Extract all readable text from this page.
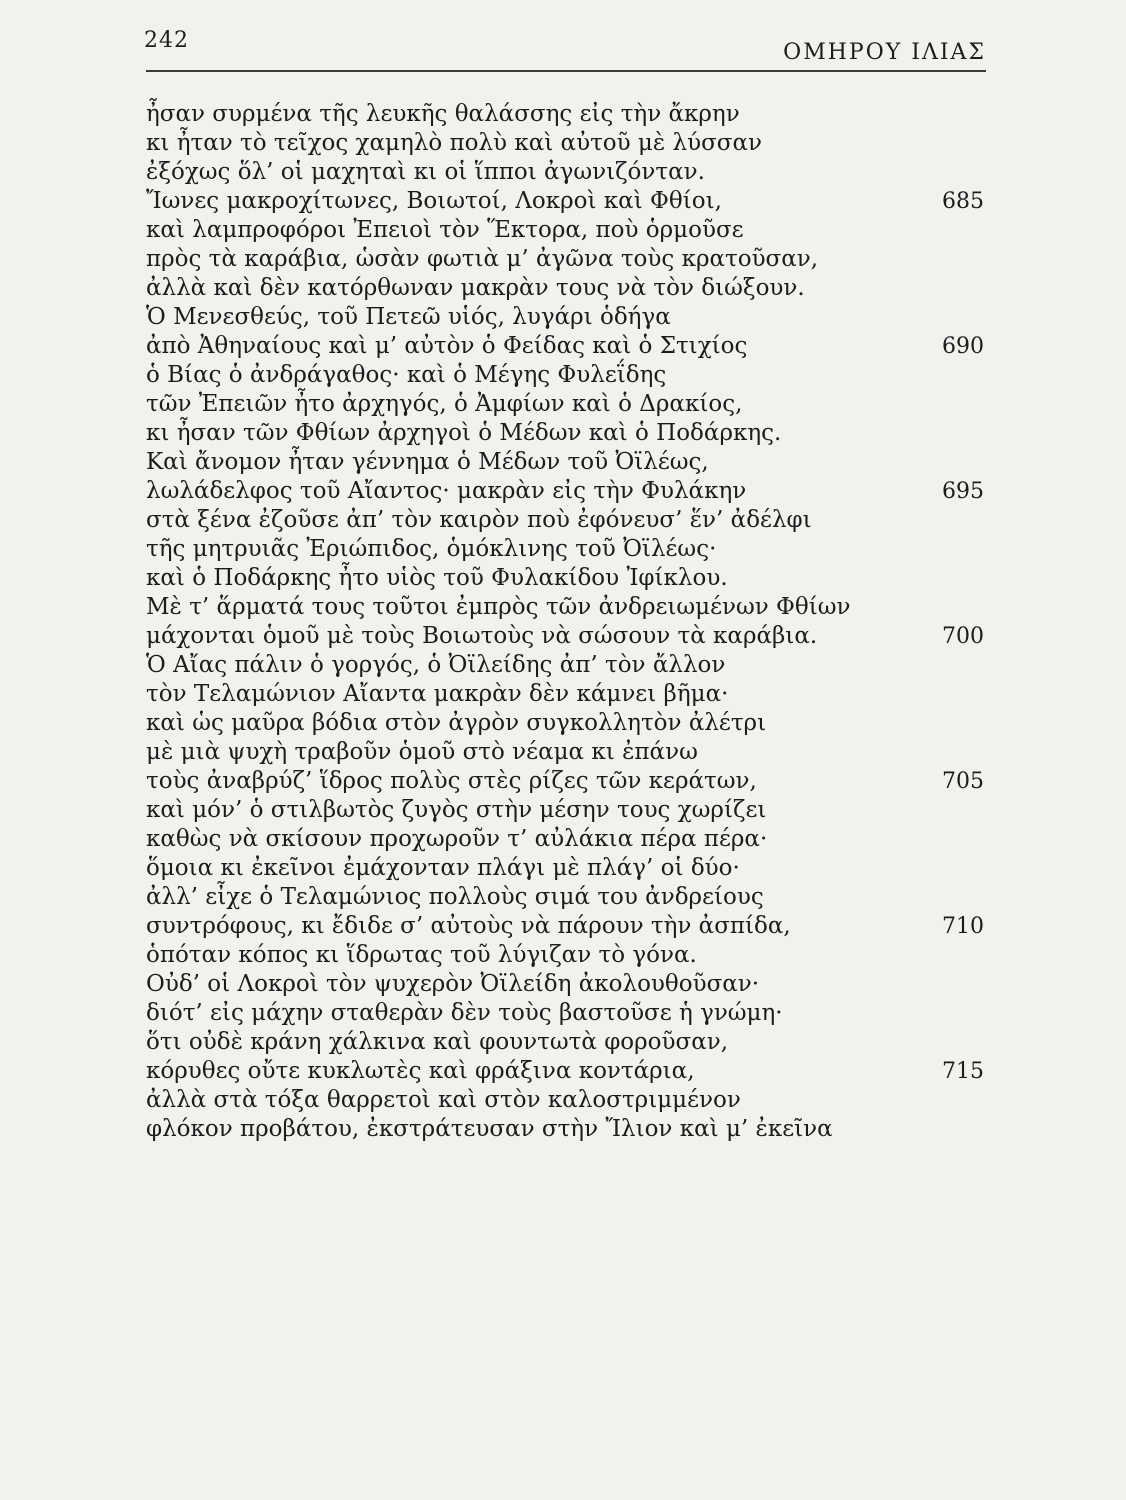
242	ΟΜΗΡΟΥ ΙΛΙΑΣ
ἦσαν συρμένα τῆς λευκῆς θαλάσσης εἰς τὴν ἄκρην
κι ἦταν τὸ τεῖχος χαμηλὸ πολὺ καὶ αὐτοῦ μὲ λύσσαν
ἐξόχως ὅλ’ οἱ μαχηταὶ κι οἱ ἵπποι ἀγωνιζόνταν.
Ἴωνες μακροχίτωνες, Βοιωτοί, Λοκροὶ καὶ Φθίοι,	685
καὶ λαμπροφόροι Ἐπειοὶ τὸν Ἕκτορα, ποὺ ὁρμοῦσε
πρὸς τὰ καράβια, ὡσὰν φωτιὰ μ’ ἀγῶνα τοὺς κρατοῦσαν,
ἀλλὰ καὶ δὲν κατόρθωναν μακρὰν τους νὰ τὸν διώξουν.
Ὁ Μενεσθεύς, τοῦ Πετεῶ υἱός, λυγάρι ὁδήγα
ἀπὸ Ἀθηναίους καὶ μ’ αὐτὸν ὁ Φείδας καὶ ὁ Στιχίος	690
ὁ Βίας ὁ ἀνδράγαθος· καὶ ὁ Μέγης Φυλεΐδης
τῶν Ἐπειῶν ἦτο ἀρχηγός, ὁ Ἀμφίων καὶ ὁ Δρακίος,
κι ἦσαν τῶν Φθίων ἀρχηγοὶ ὁ Μέδων καὶ ὁ Ποδάρκης.
Καὶ ἄνομον ἦταν γέννημα ὁ Μέδων τοῦ Ὀϊλέως,
λωλάδελφος τοῦ Αἴαντος· μακρὰν εἰς τὴν Φυλάκην	695
στὰ ξένα ἐζοῦσε ἀπ’ τὸν καιρὸν ποὺ ἐφόνευσ’ ἕν’ ἀδέλφι
τῆς μητρυιᾶς Ἐριώπιδος, ὁμόκλινης τοῦ Ὀϊλέως·
καὶ ὁ Ποδάρκης ἦτο υἱὸς τοῦ Φυλακίδου Ἰφίκλου.
Μὲ τ’ ἅρματά τους τοῦτοι ἐμπρὸς τῶν ἀνδρειωμένων Φθίων
μάχονται ὁμοῦ μὲ τοὺς Βοιωτοὺς νὰ σώσουν τὰ καράβια.	700
Ὁ Αἴας πάλιν ὁ γοργός, ὁ Ὀϊλείδης ἀπ’ τὸν ἄλλον
τὸν Τελαμώνιον Αἴαντα μακρὰν δὲν κάμνει βῆμα·
καὶ ὡς μαῦρα βόδια στὸν ἀγρὸν συγκολλητὸν ἀλέτρι
μὲ μιὰ ψυχὴ τραβοῦν ὁμοῦ στὸ νέαμα κι ἐπάνω
τοὺς ἀναβρύζ’ ἵδρος πολὺς στὲς ρίζες τῶν κεράτων,	705
καὶ μόν’ ὁ στιλβωτὸς ζυγὸς στὴν μέσην τους χωρίζει
καθὼς νὰ σκίσουν προχωροῦν τ’ αὐλάκια πέρα πέρα·
ὅμοια κι ἐκεῖνοι ἐμάχονταν πλάγι μὲ πλάγ’ οἱ δύο·
ἀλλ’ εἶχε ὁ Τελαμώνιος πολλοὺς σιμά του ἀνδρείους
συντρόφους, κι ἔδιδε σ’ αὐτοὺς νὰ πάρουν τὴν ἀσπίδα,	710
ὁπόταν κόπος κι ἵδρωτας τοῦ λύγιζαν τὸ γόνα.
Οὐδ’ οἱ Λοκροὶ τὸν ψυχερὸν Ὀϊλείδη ἀκολουθοῦσαν·
διότ’ εἰς μάχην σταθερὰν δὲν τοὺς βαστοῦσε ἡ γνώμη·
ὅτι οὐδὲ κράνη χάλκινα καὶ φουντωτὰ φοροῦσαν,
κόρυθες οὔτε κυκλωτὲς καὶ φράξινα κοντάρια,	715
ἀλλὰ στὰ τόξα θαρρετοὶ καὶ στὸν καλοστριμμένον
φλόκον προβάτου, ἐκστράτευσαν στὴν Ἴλιον καὶ μ’ ἐκεῖνα
